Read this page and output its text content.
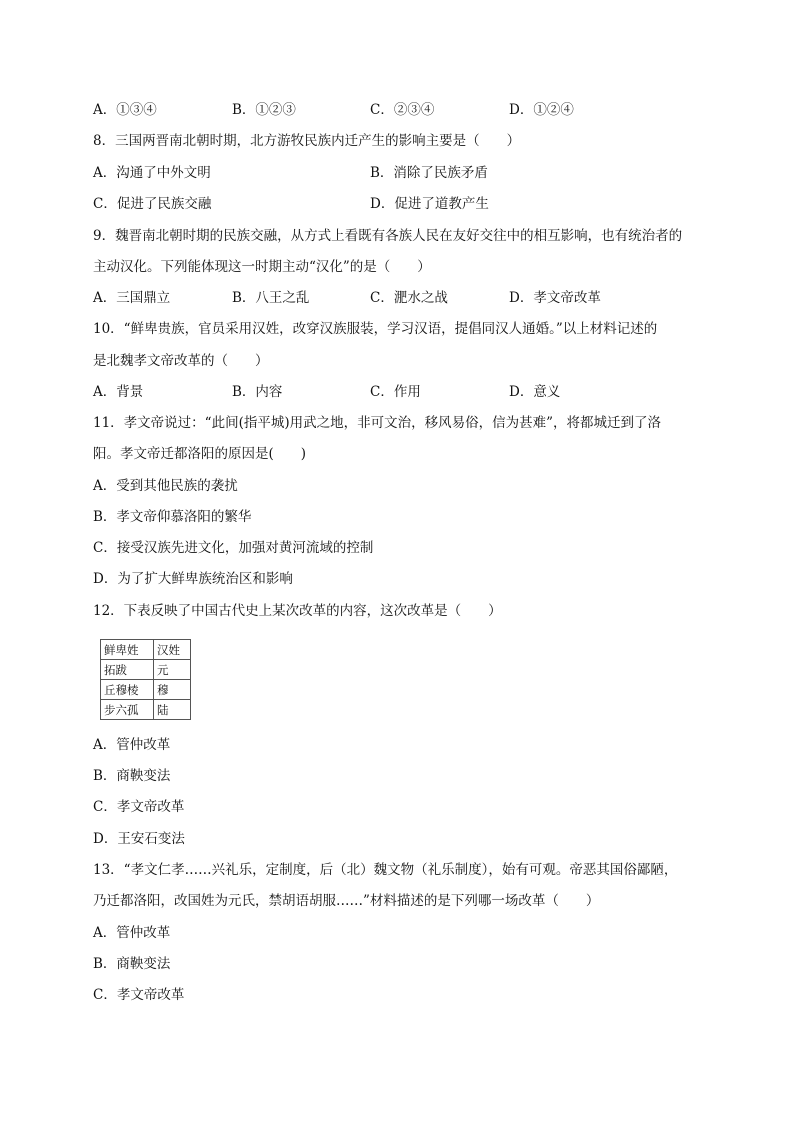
A．①③④	B．①②③	C．②③④	D．①②④
8．三国两晋南北朝时期，北方游牧民族内迁产生的影响主要是（　　）
A．沟通了中外文明	B．消除了民族矛盾
C．促进了民族交融	D．促进了道教产生
9．魏晋南北朝时期的民族交融，从方式上看既有各族人民在友好交往中的相互影响，也有统治者的
主动汉化。下列能体现这一时期主动“汉化”的是（　　）
A．三国鼎立	B．八王之乱	C．淝水之战	D．孝文帝改革
10．“鲜卑贵族，官员采用汉姓，改穿汉族服装，学习汉语，提倡同汉人通婚。”以上材料记述的
是北魏孝文帝改革的（　　）
A．背景	B．内容	C．作用	D．意义
11．孝文帝说过：“此间(指平城)用武之地，非可文治，移风易俗，信为甚难”，将都城迁到了洛
阳。孝文帝迁都洛阳的原因是(　　)
A．受到其他民族的袭扰
B．孝文帝仰慕洛阳的繁华
C．接受汉族先进文化，加强对黄河流域的控制
D．为了扩大鲜卑族统治区和影响
12．下表反映了中国古代史上某次改革的内容，这次改革是（　　）
鲜卑姓	汉姓
拓跋	元
丘穆棱	穆
步六孤	陆
A．管仲改革
B．商鞅变法
C．孝文帝改革
D．王安石变法
13．“孝文仁孝……兴礼乐，定制度，后（北）魏文物（礼乐制度），始有可观。帝恶其国俗鄙陋，
乃迁都洛阳，改国姓为元氏，禁胡语胡服……”材料描述的是下列哪一场改革（　　）
A．管仲改革
B．商鞅变法
C．孝文帝改革
